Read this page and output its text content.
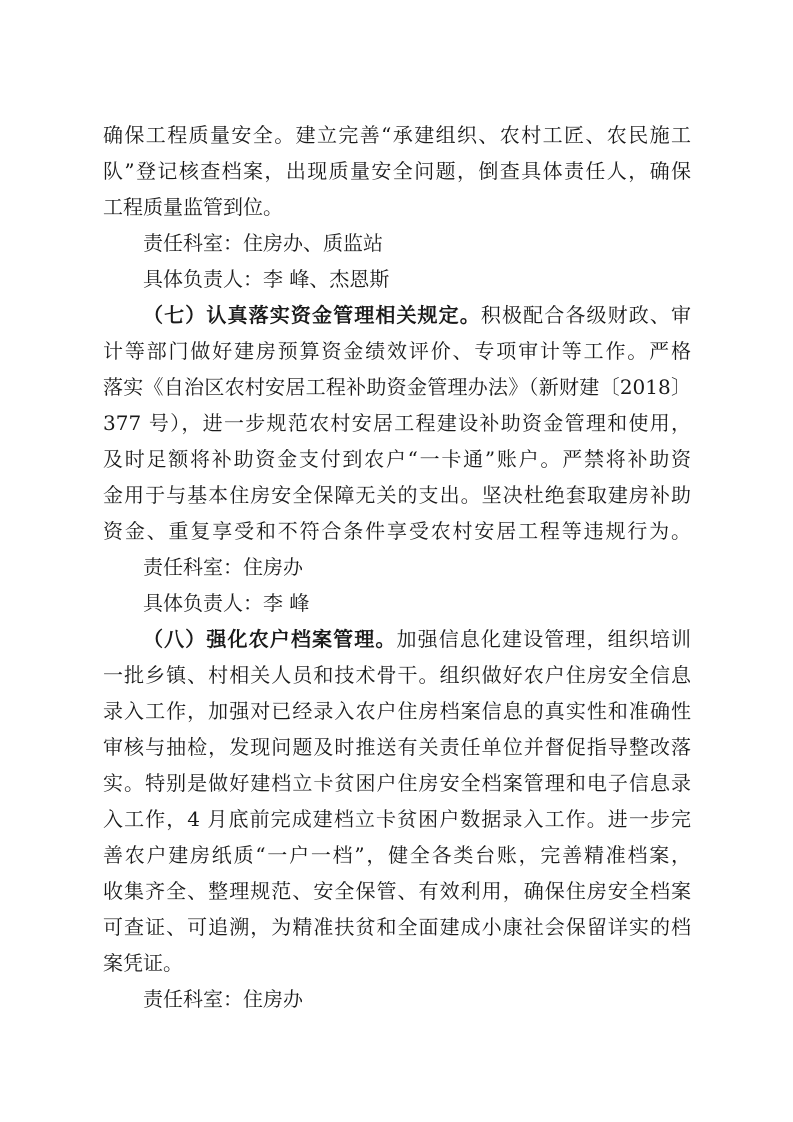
确保工程质量安全。建立完善“承建组织、农村工匠、农民施工
队”登记核查档案，出现质量安全问题，倒查具体责任人，确保
工程质量监管到位。
责任科室：住房办、质监站
具体负责人：李 峰、杰恩斯
（七）认真落实资金管理相关规定。积极配合各级财政、审
计等部门做好建房预算资金绩效评价、专项审计等工作。严格
落实《自治区农村安居工程补助资金管理办法》（新财建〔2018〕
377 号），进一步规范农村安居工程建设补助资金管理和使用，
及时足额将补助资金支付到农户“一卡通”账户。严禁将补助资
金用于与基本住房安全保障无关的支出。坚决杜绝套取建房补助
资金、重复享受和不符合条件享受农村安居工程等违规行为。
责任科室：住房办
具体负责人：李 峰
（八）强化农户档案管理。加强信息化建设管理，组织培训
一批乡镇、村相关人员和技术骨干。组织做好农户住房安全信息
录入工作，加强对已经录入农户住房档案信息的真实性和准确性
审核与抽检，发现问题及时推送有关责任单位并督促指导整改落
实。特别是做好建档立卡贫困户住房安全档案管理和电子信息录
入工作，4 月底前完成建档立卡贫困户数据录入工作。进一步完
善农户建房纸质“一户一档”，健全各类台账，完善精准档案，
收集齐全、整理规范、安全保管、有效利用，确保住房安全档案
可查证、可追溯，为精准扶贫和全面建成小康社会保留详实的档
案凭证。
责任科室：住房办
